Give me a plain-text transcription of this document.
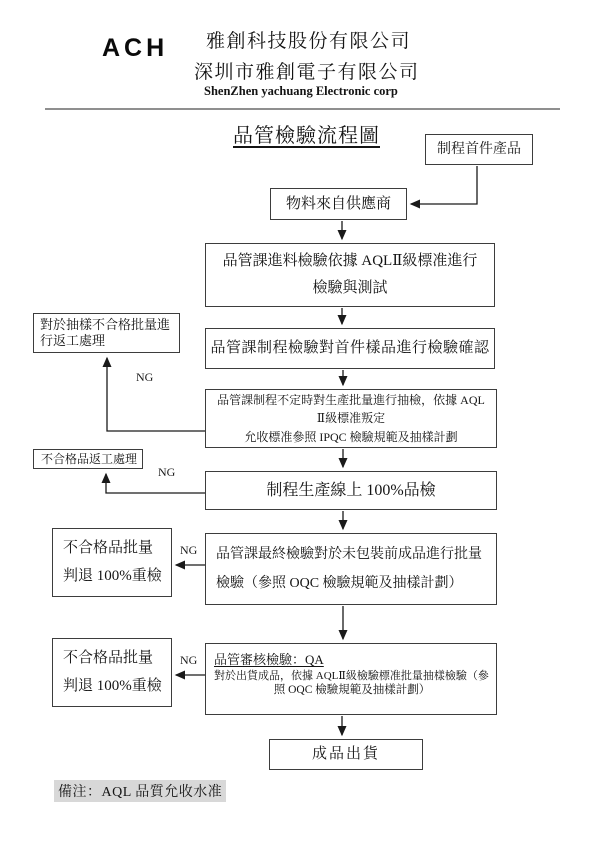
ACH 雅創科技股份有限公司
深圳市雅創電子有限公司
ShenZhen yachuang Electronic corp
品管檢驗流程圖
制程首件產品
物料來自供應商
品管課進料檢驗依據 AQLⅡ級標准進行
檢驗與測試
對於抽樣不合格批量進
行返工處理	品管課制程檢驗對首件樣品進行檢驗確認
品管課制程不定時對生產批量進行抽檢，依據 AQL
Ⅱ級標准叛定
允收標准參照 IPQC 檢驗規範及抽樣計劃
不合格品返工處理
制程生產線上 100%品檢
不合格品批量
判退 100%重檢
品管課最終檢驗對於未包裝前成品進行批量
檢驗（參照 OQC 檢驗規範及抽樣計劃）
不合格品批量
判退 100%重檢
品管審核檢驗：QA
對於出貨成品，依據 AQLⅡ級檢驗標准批量抽樣檢驗（參
照 OQC 檢驗規範及抽樣計劃）
成品出貨
NG
NG
NG
NG
備注：AQL 品質允收水准
